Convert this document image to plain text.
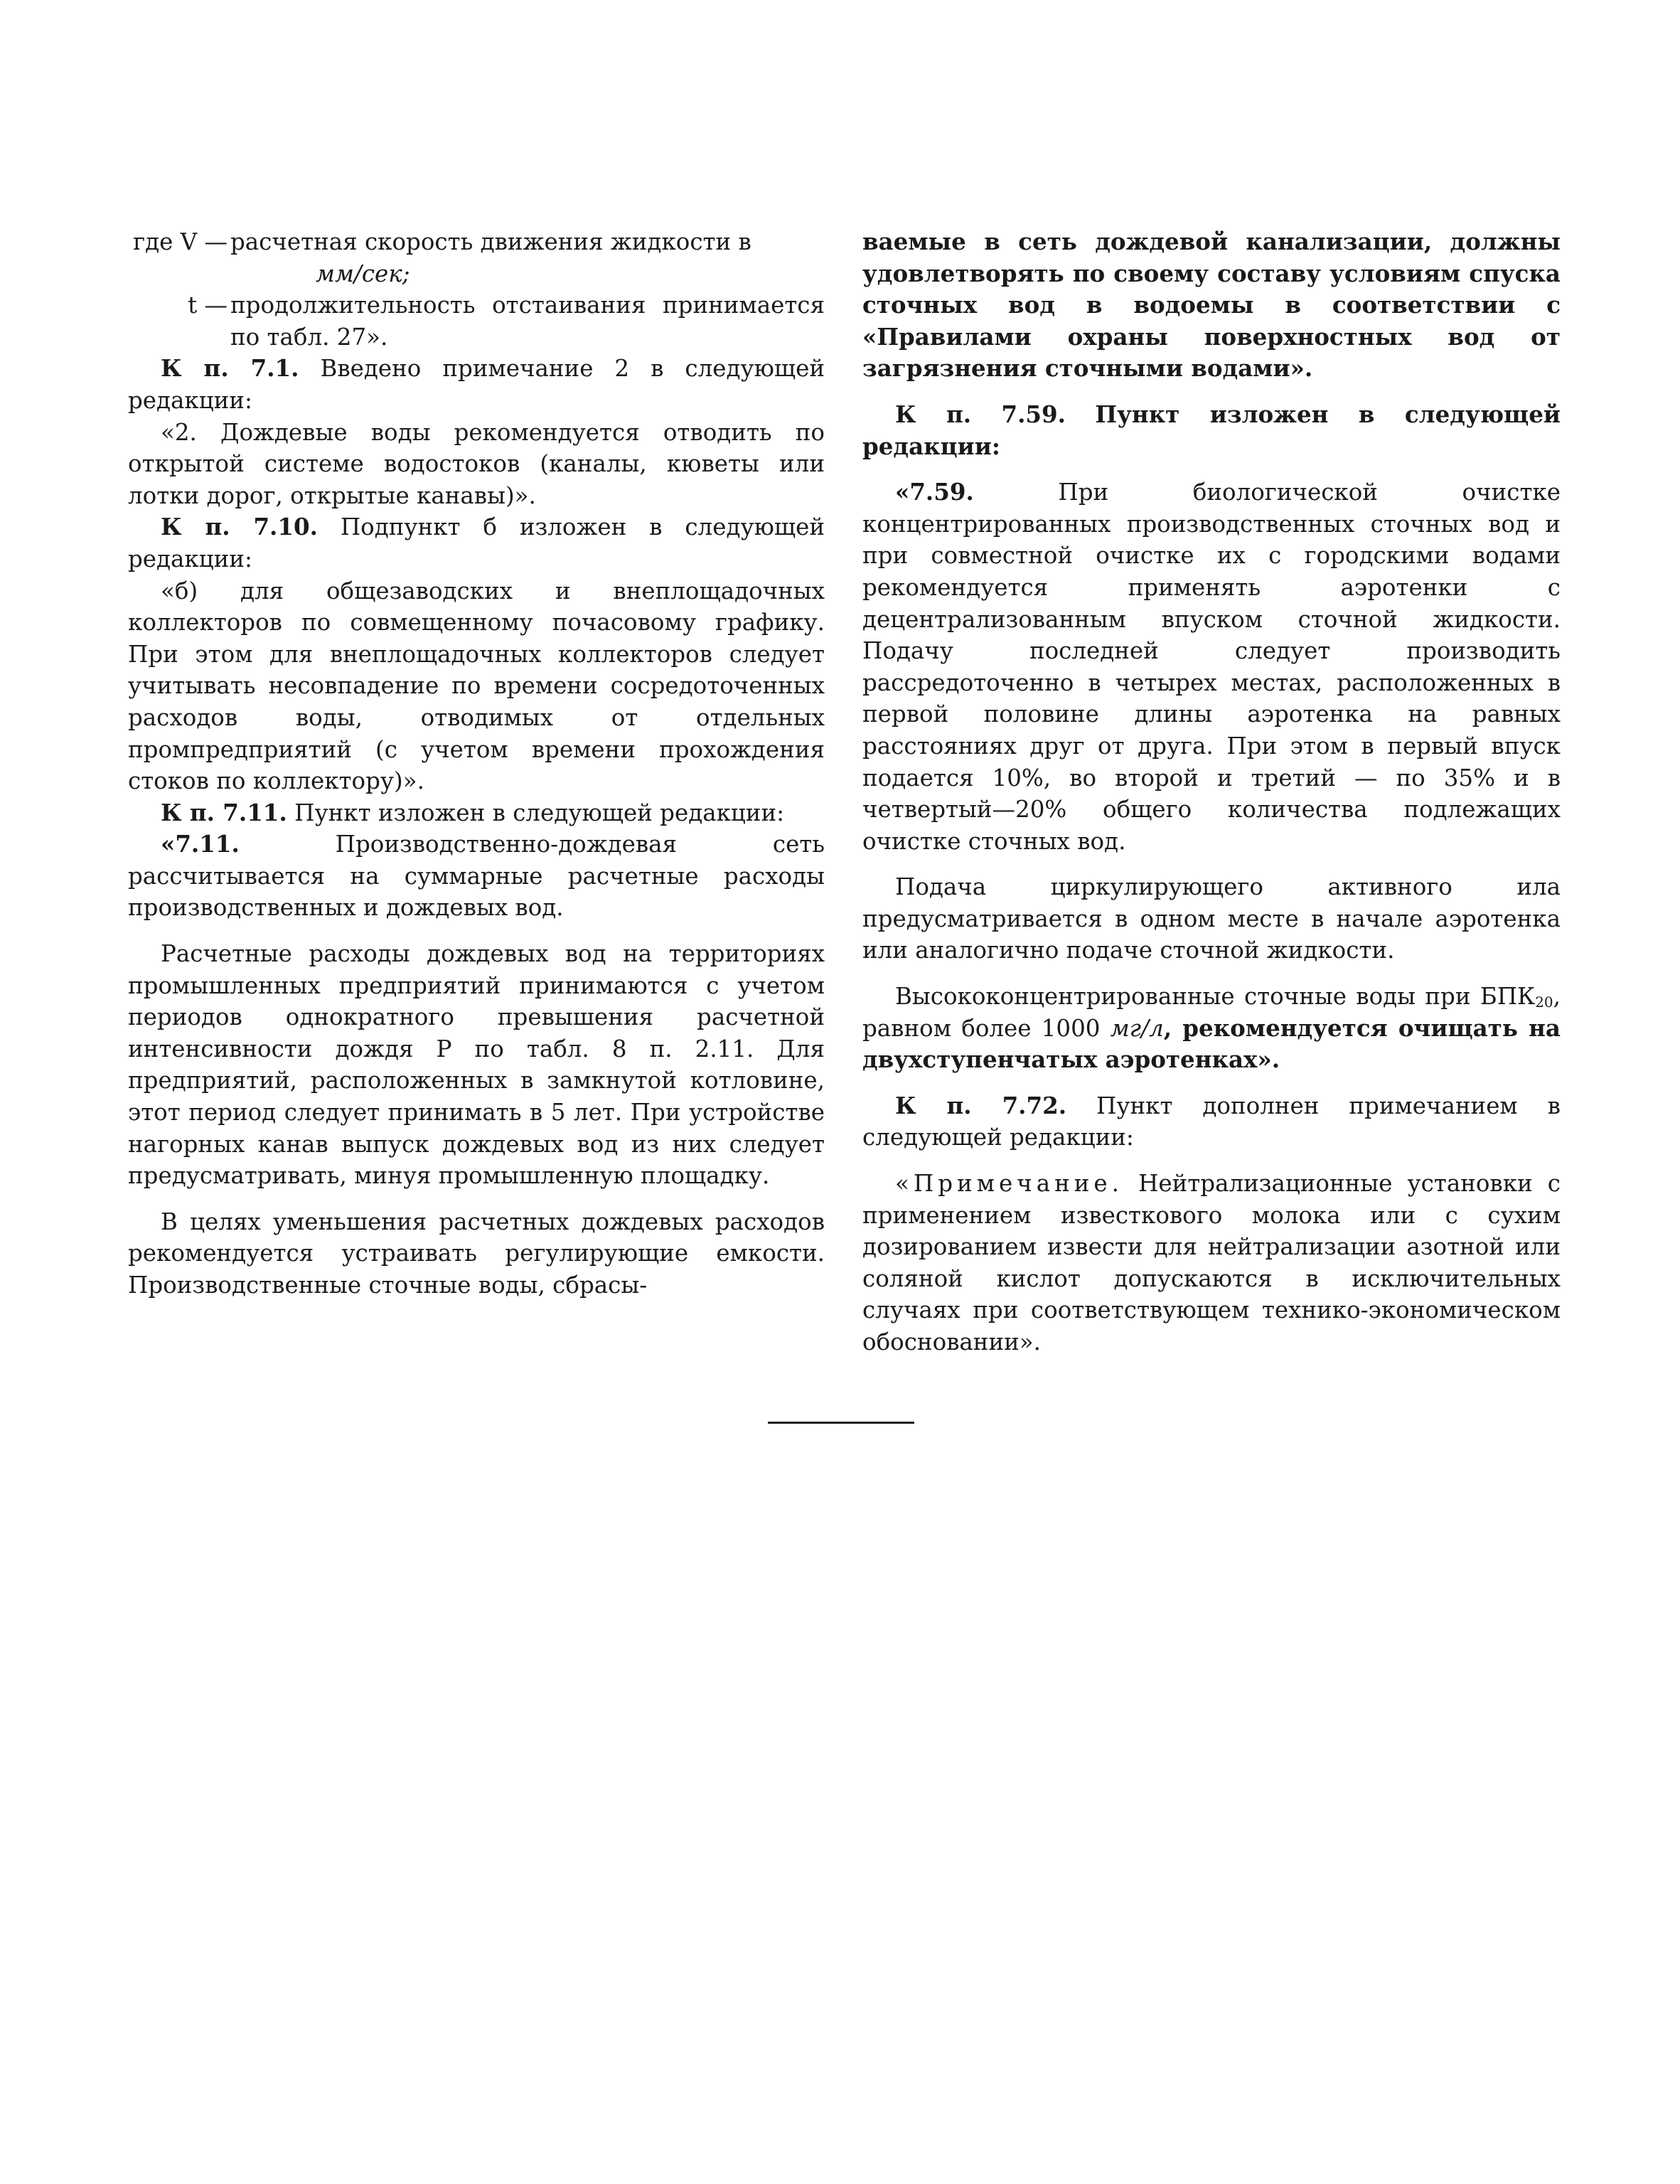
где V — расчетная скорость движения жидкости в
мм/сек;
t — продолжительность отстаивания принимается по табл. 27».

К п. 7.1. Введено примечание 2 в следующей редакции:

«2. Дождевые воды рекомендуется отводить по открытой системе водостоков (каналы, кюветы или лотки дорог, открытые канавы)».

К п. 7.10. Подпункт б изложен в следующей редакции:

«б) для общезаводских и внеплощадочных коллекторов по совмещенному почасовому графику. При этом для внеплощадочных коллекторов следует учитывать несовпадение по времени сосредоточенных расходов воды, отводимых от отдельных промпредприятий (с учетом времени прохождения стоков по коллектору)».

К п. 7.11. Пункт изложен в следующей редакции:

«7.11.	Производственно-дождевая сеть рассчитывается на суммарные расчетные расходы производственных и дождевых вод.

Расчетные расходы дождевых вод на территориях промышленных предприятий принимаются с учетом периодов однократного превышения расчетной интенсивности дождя Р по табл. 8 п. 2.11. Для предприятий, расположенных в замкнутой котловине, этот период следует принимать в 5 лет. При устройстве нагорных канав выпуск дождевых вод из них следует предусматривать, минуя промышленную площадку.

В целях уменьшения расчетных дождевых расходов рекомендуется устраивать регулирующие емкости. Производственные сточные воды, сбрасы-

ваемые в сеть дождевой канализации, должны удовлетворять по своему составу условиям спуска сточных вод в водоемы в соответствии с «Правилами охраны поверхностных вод от загрязнения сточными водами».

К п. 7.59. Пункт изложен в следующей редакции:

«7.59.	При биологической очистке концентрированных производственных сточных вод и при совместной очистке их с городскими водами рекомендуется применять аэротенки с децентрализованным впуском сточной жидкости. Подачу последней следует производить рассредоточенно в четырех местах, расположенных в первой половине длины аэротенка на равных расстояниях друг от друга. При этом в первый впуск подается 10%, во второй и третий — по 35% и в четвертый—20% общего количества подлежащих очистке сточных вод.

Подача циркулирующего активного ила предусматривается в одном месте в начале аэротенка или аналогично подаче сточной жидкости.

Высококонцентрированные сточные воды при $БПК_{20}$, равном более 1000 мг/л, рекомендуется очищать на двухступенчатых аэротенках».

К п. 7.72. Пункт дополнен примечанием в следующей редакции:

«Примечание. Нейтрализационные установки с применением известкового молока или с сухим дозированием извести для нейтрализации азотной или соляной кислот допускаются в исключительных случаях при соответствующем технико-экономическом обосновании».
